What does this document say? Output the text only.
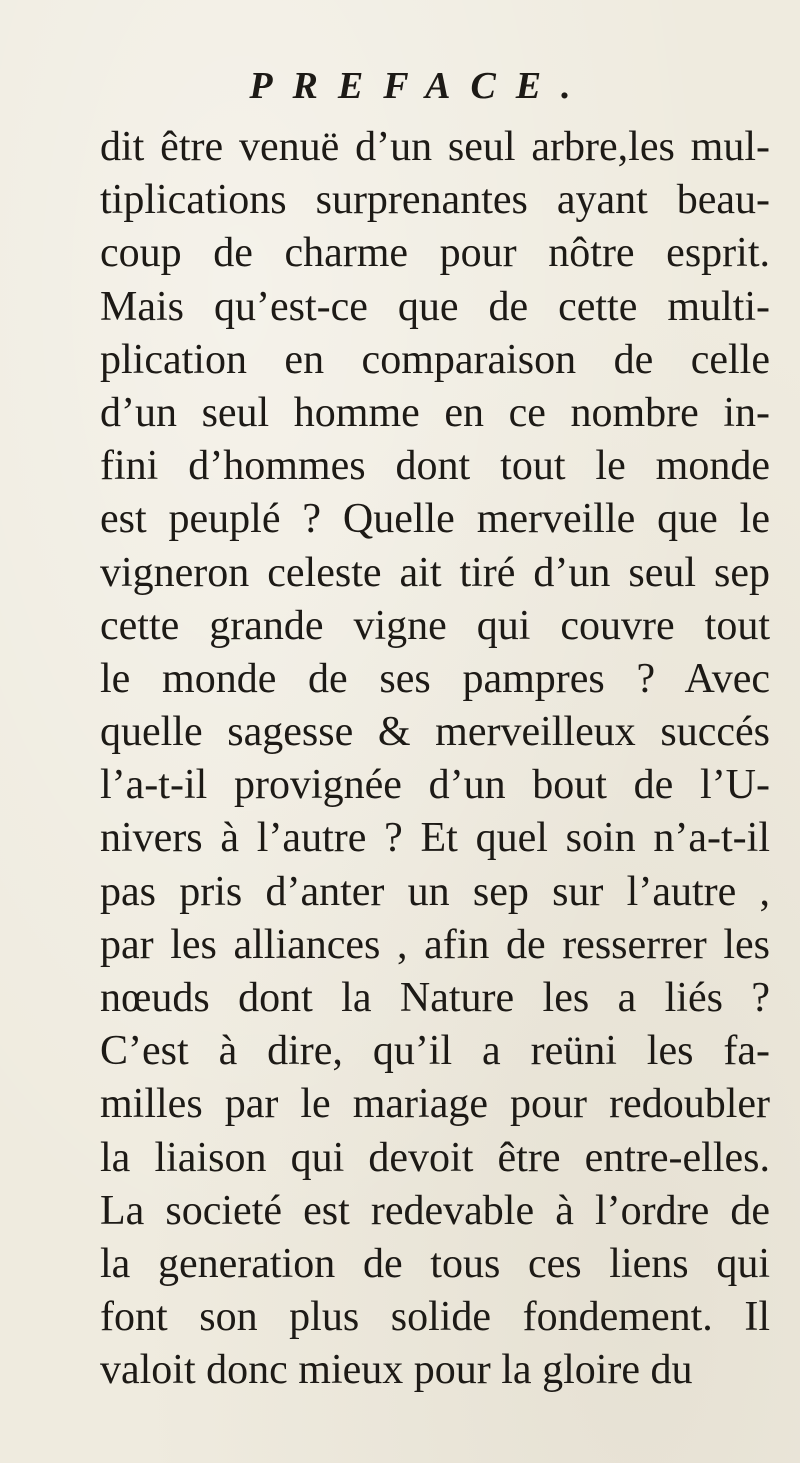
PREFACE.
dit être venuë d’un seul arbre,les mul-
tiplications surprenantes ayant beau-
coup de charme pour nôtre esprit.
Mais qu’est-ce que de cette multi-
plication en comparaison de celle
d’un seul homme en ce nombre in-
fini d’hommes dont tout le monde
est peuplé ? Quelle merveille que le
vigneron celeste ait tiré d’un seul sep
cette grande vigne qui couvre tout
le monde de ses pampres ? Avec
quelle sagesse & merveilleux succés
l’a-t-il provignée d’un bout de l’U-
nivers à l’autre ? Et quel soin n’a-t-il
pas pris d’anter un sep sur l’autre ,
par les alliances , afin de resserrer les
nœuds dont la Nature les a liés ?
C’est à dire, qu’il a reüni les fa-
milles par le mariage pour redoubler
la liaison qui devoit être entre-elles.
La societé est redevable à l’ordre de
la generation de tous ces liens qui
font son plus solide fondement. Il
valoit donc mieux pour la gloire du
